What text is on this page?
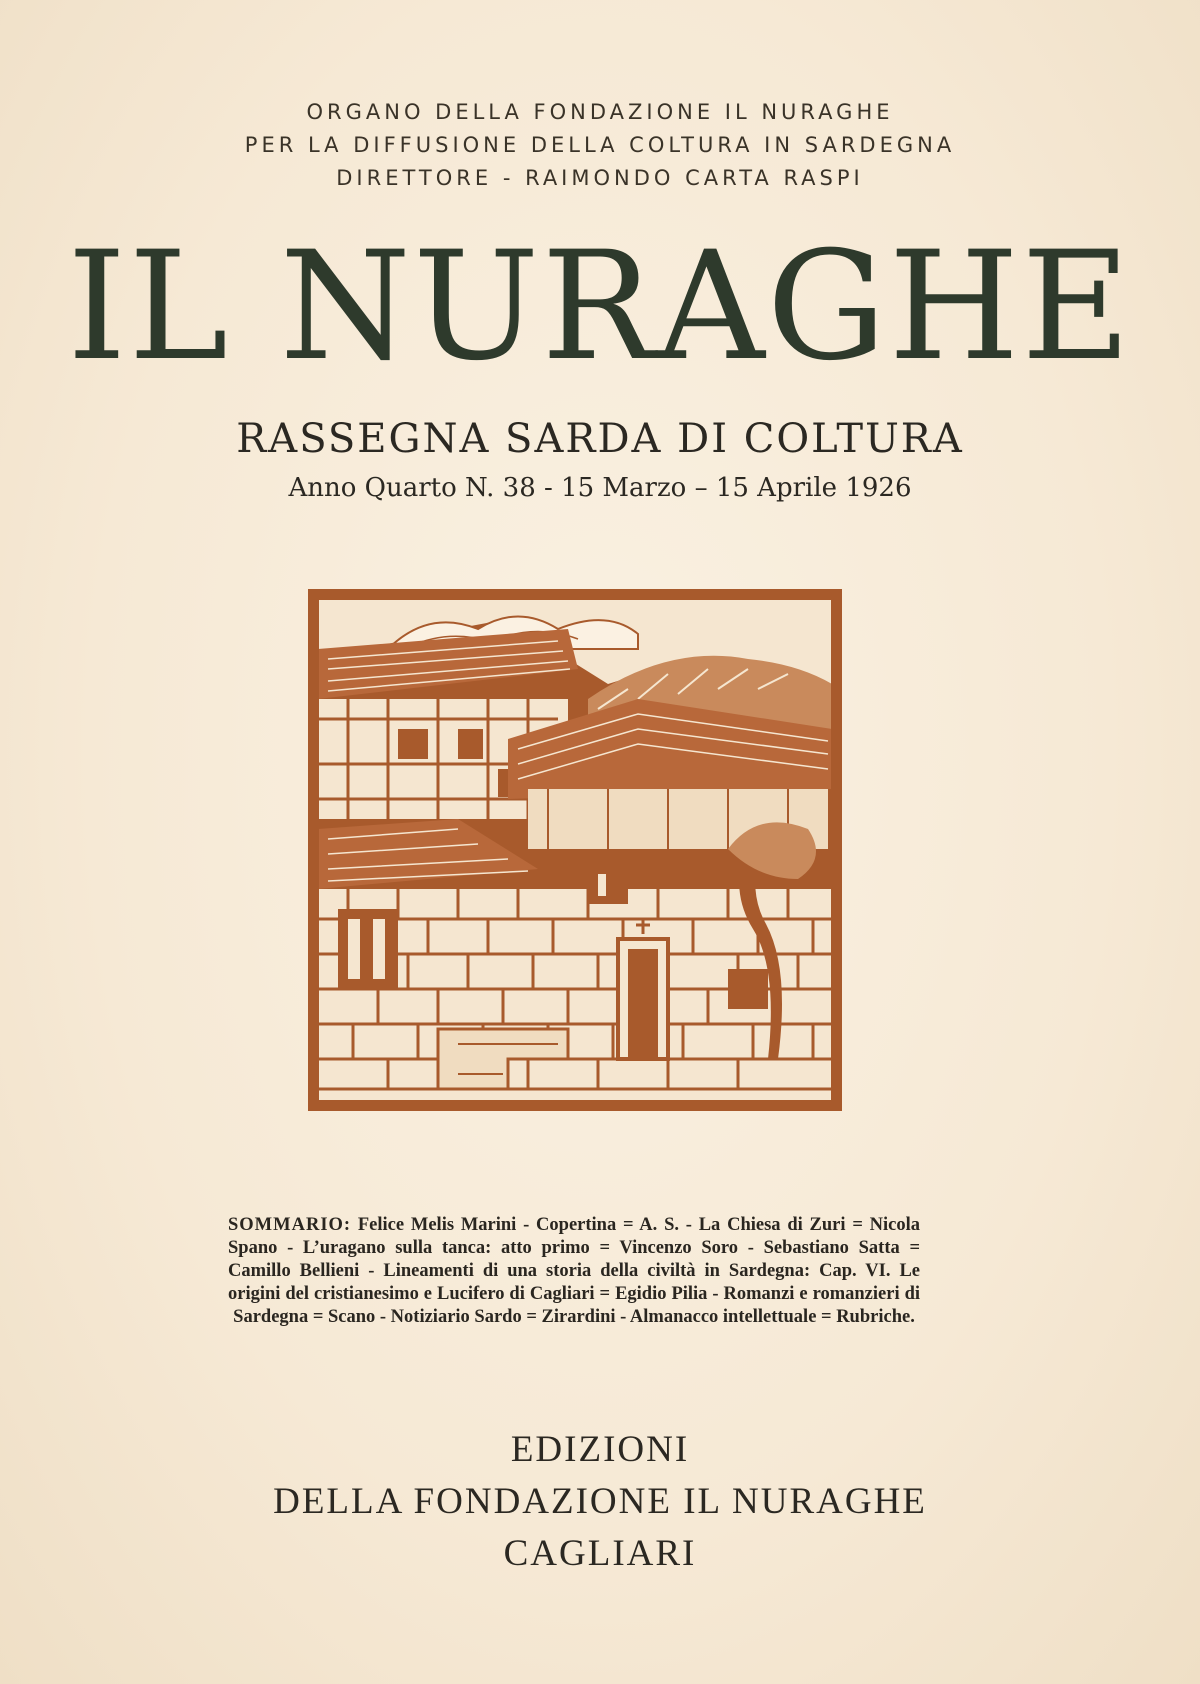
ORGANO DELLA FONDAZIONE IL NURAGHE
PER LA DIFFUSIONE DELLA COLTURA IN SARDEGNA
DIRETTORE - RAIMONDO CARTA RASPI
IL NURAGHE
RASSEGNA SARDA DI COLTURA
Anno Quarto N. 38 - 15 Marzo – 15 Aprile 1926
SOMMARIO: Felice Melis Marini - Copertina = A. S. - La Chiesa di Zuri = Nicola Spano - L’uragano sulla tanca: atto primo = Vincenzo Soro - Sebastiano Satta = Camillo Bellieni - Lineamenti di una storia della civiltà in Sardegna: Cap. VI. Le origini del cristianesimo e Lucifero di Cagliari = Egidio Pilia - Romanzi e romanzieri di Sardegna = Scano - Notiziario Sardo = Zirardini - Almanacco intellettuale = Rubriche.
EDIZIONI
DELLA FONDAZIONE IL NURAGHE
CAGLIARI
